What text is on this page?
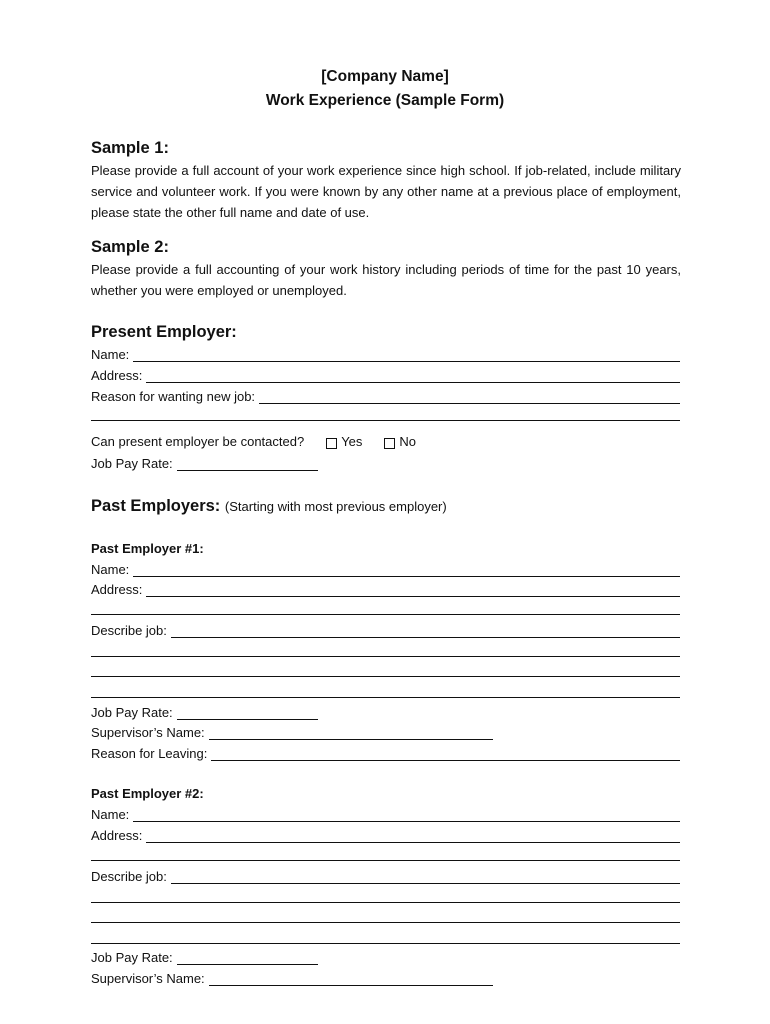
[Company Name]
Work Experience (Sample Form)
Sample 1:
Please provide a full account of your work experience since high school. If job-related, include military service and volunteer work. If you were known by any other name at a previous place of employment, please state the other full name and date of use.
Sample 2:
Please provide a full accounting of your work history including periods of time for the past 10 years, whether you were employed or unemployed.
Present Employer:
Name:
Address:
Reason for wanting new job:
Can present employer be contacted?	Yes	No
Job Pay Rate:
Past Employers: (Starting with most previous employer)
Past Employer #1:
Name:
Address:
Describe job:
Job Pay Rate:
Supervisor’s Name:
Reason for Leaving:
Past Employer #2:
Name:
Address:
Describe job:
Job Pay Rate:
Supervisor’s Name:
